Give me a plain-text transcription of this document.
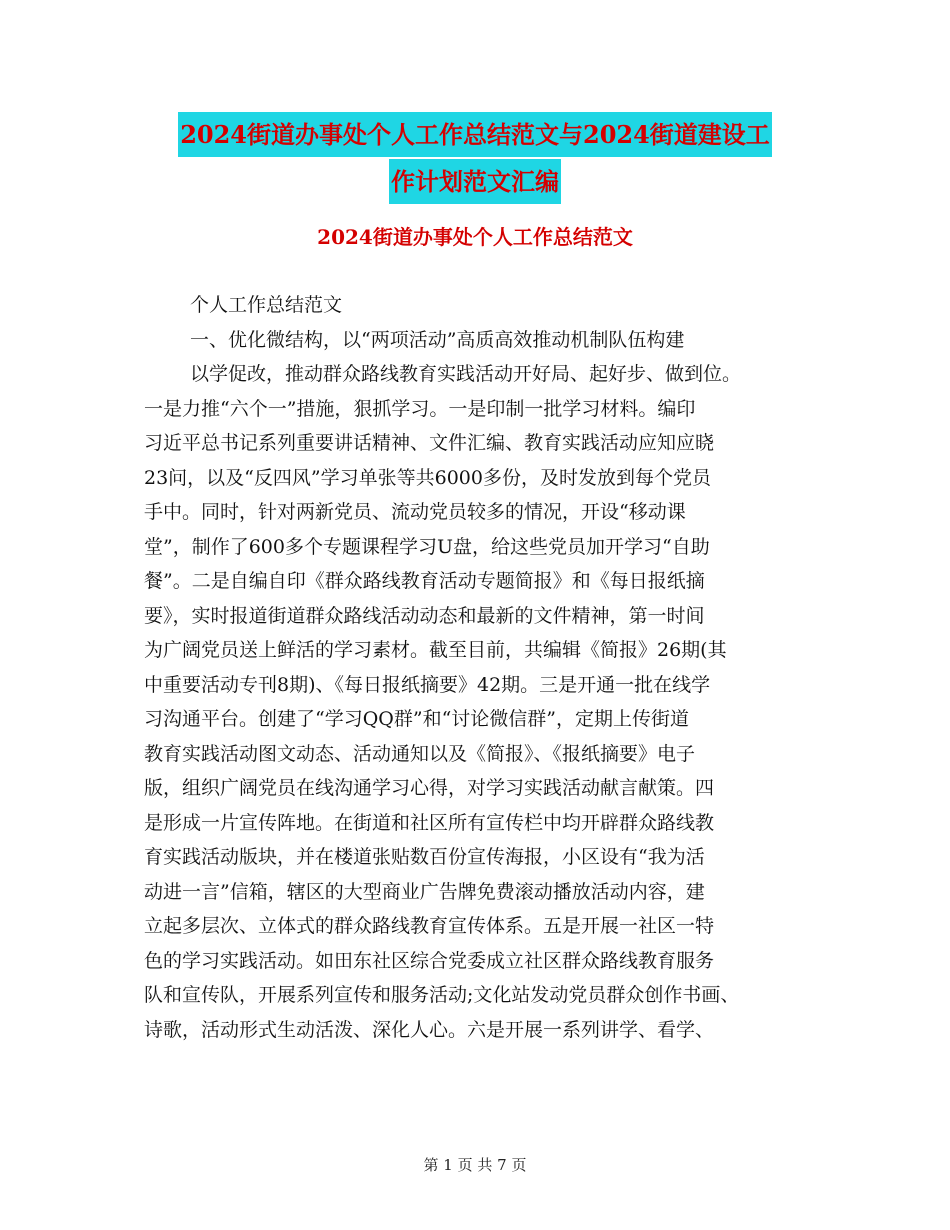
2024街道办事处个人工作总结范文与2024街道建设工
作计划范文汇编
2024街道办事处个人工作总结范文
个人工作总结范文
一、优化微结构，以“两项活动”高质高效推动机制队伍构建
以学促改，推动群众路线教育实践活动开好局、起好步、做到位。
一是力推“六个一”措施，狠抓学习。一是印制一批学习材料。编印
习近平总书记系列重要讲话精神、文件汇编、教育实践活动应知应晓
23问，以及“反四风”学习单张等共6000多份，及时发放到每个党员
手中。同时，针对两新党员、流动党员较多的情况，开设“移动课
堂”，制作了600多个专题课程学习U盘，给这些党员加开学习“自助
餐”。二是自编自印《群众路线教育活动专题简报》和《每日报纸摘
要》，实时报道街道群众路线活动动态和最新的文件精神，第一时间
为广阔党员送上鲜活的学习素材。截至目前，共编辑《简报》26期(其
中重要活动专刊8期)、《每日报纸摘要》42期。三是开通一批在线学
习沟通平台。创建了“学习QQ群”和“讨论微信群”，定期上传街道
教育实践活动图文动态、活动通知以及《简报》、《报纸摘要》电子
版，组织广阔党员在线沟通学习心得，对学习实践活动献言献策。四
是形成一片宣传阵地。在街道和社区所有宣传栏中均开辟群众路线教
育实践活动版块，并在楼道张贴数百份宣传海报，小区设有“我为活
动进一言”信箱，辖区的大型商业广告牌免费滚动播放活动内容，建
立起多层次、立体式的群众路线教育宣传体系。五是开展一社区一特
色的学习实践活动。如田东社区综合党委成立社区群众路线教育服务
队和宣传队，开展系列宣传和服务活动;文化站发动党员群众创作书画、
诗歌，活动形式生动活泼、深化人心。六是开展一系列讲学、看学、
第 1 页 共 7 页
